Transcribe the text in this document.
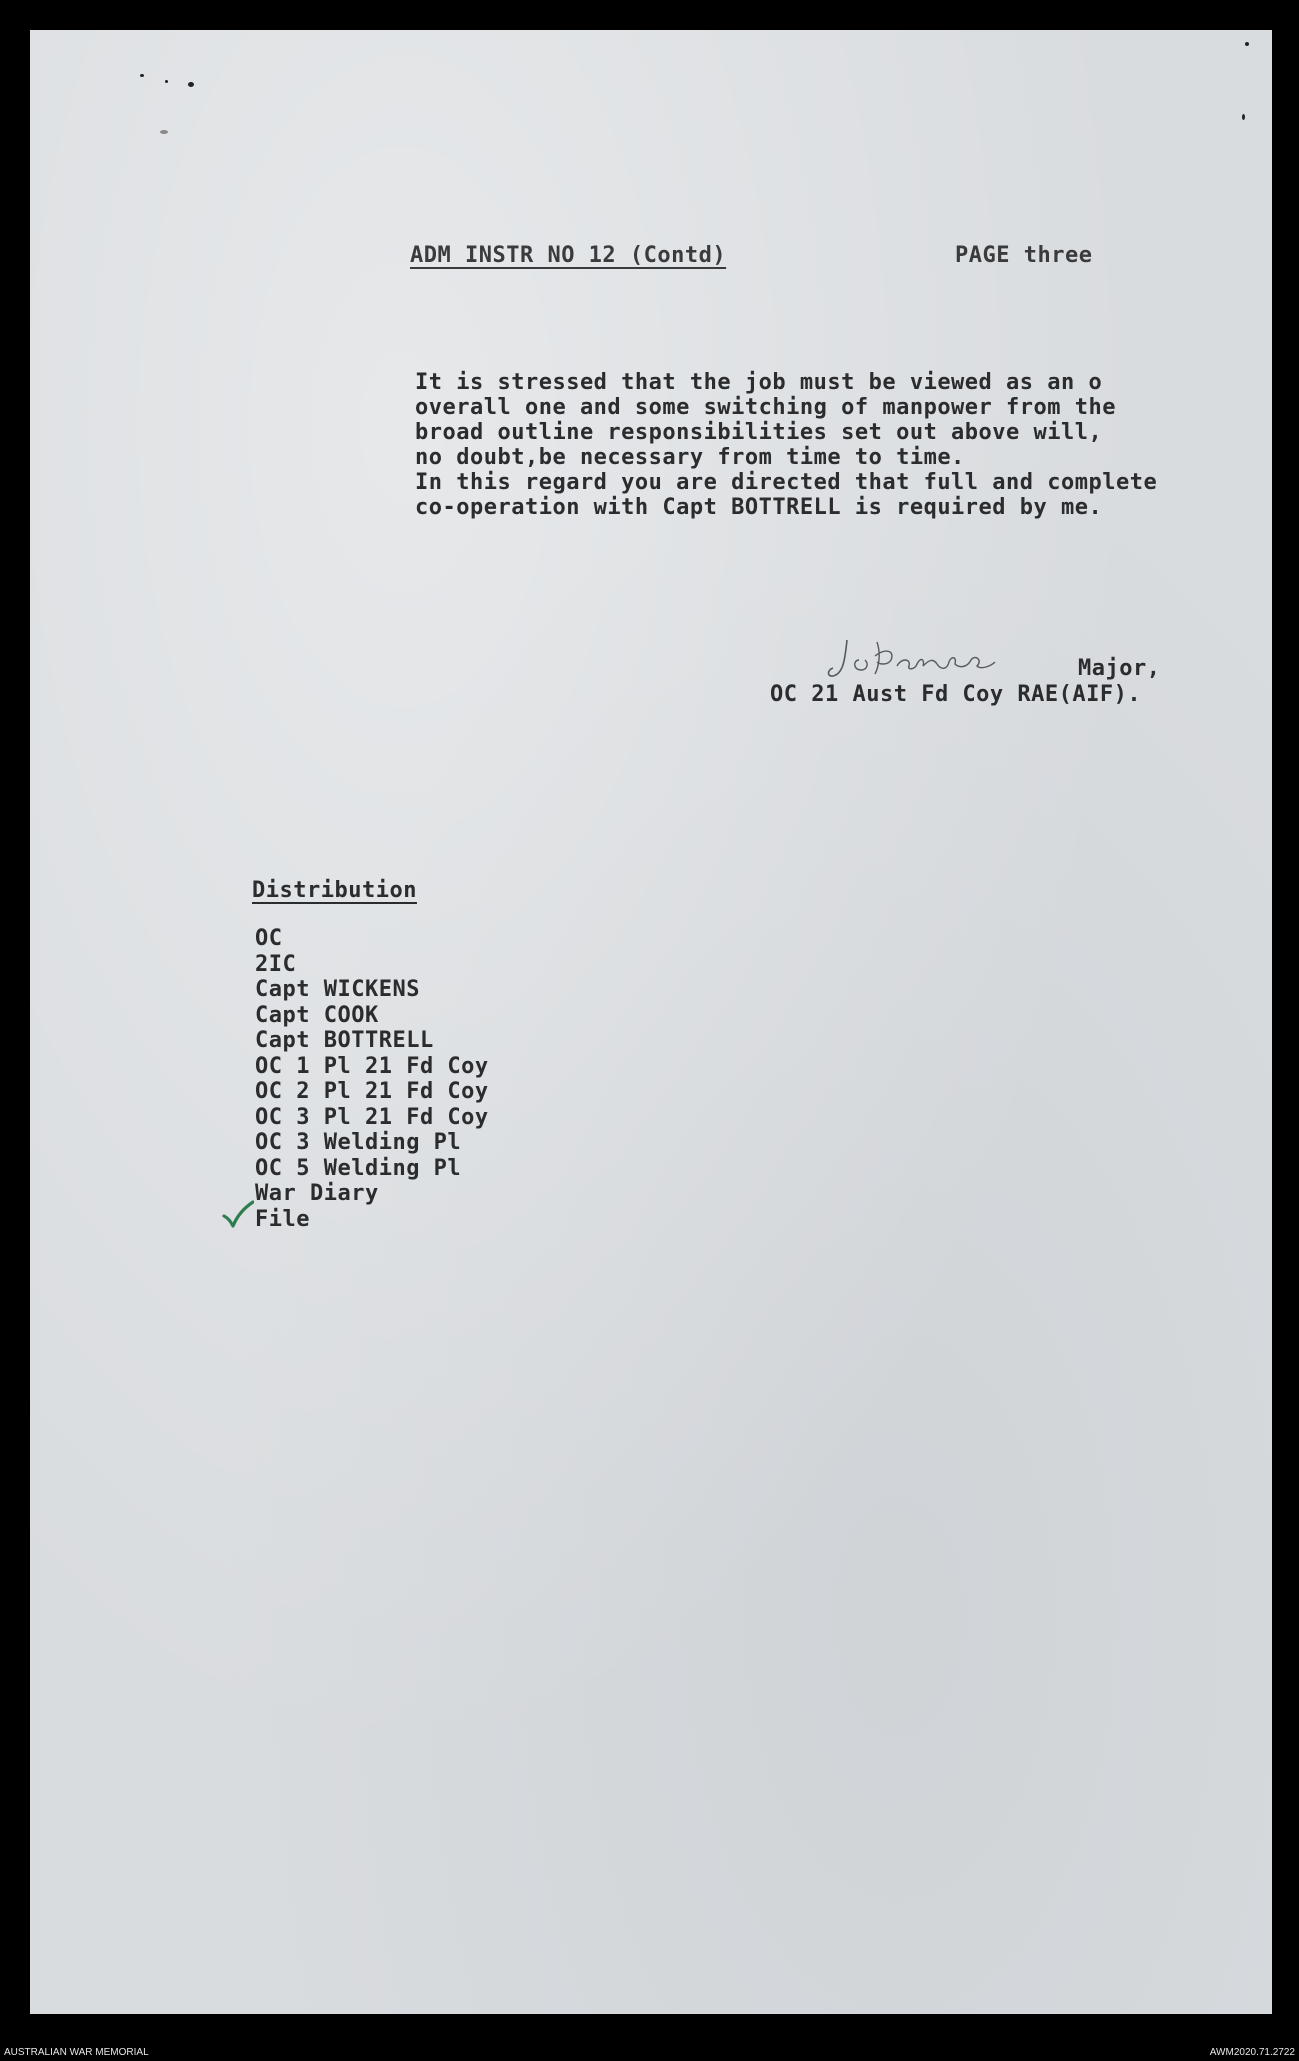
ADM INSTR NO 12 (Contd)	PAGE three
It is stressed that the job must be viewed as an o
overall one and some switching of manpower from the
broad outline responsibilities set out above will,
no doubt,be necessary from time to time.
In this regard you are directed that full and complete
co-operation with Capt BOTTRELL is required by me.
Major,
OC 21 Aust Fd Coy RAE(AIF).
Distribution
OC
2IC
Capt WICKENS
Capt COOK
Capt BOTTRELL
OC 1 Pl 21 Fd Coy
OC 2 Pl 21 Fd Coy
OC 3 Pl 21 Fd Coy
OC 3 Welding Pl
OC 5 Welding Pl
War Diary
File
AUSTRALIAN WAR MEMORIAL	AWM2020.71.2722
